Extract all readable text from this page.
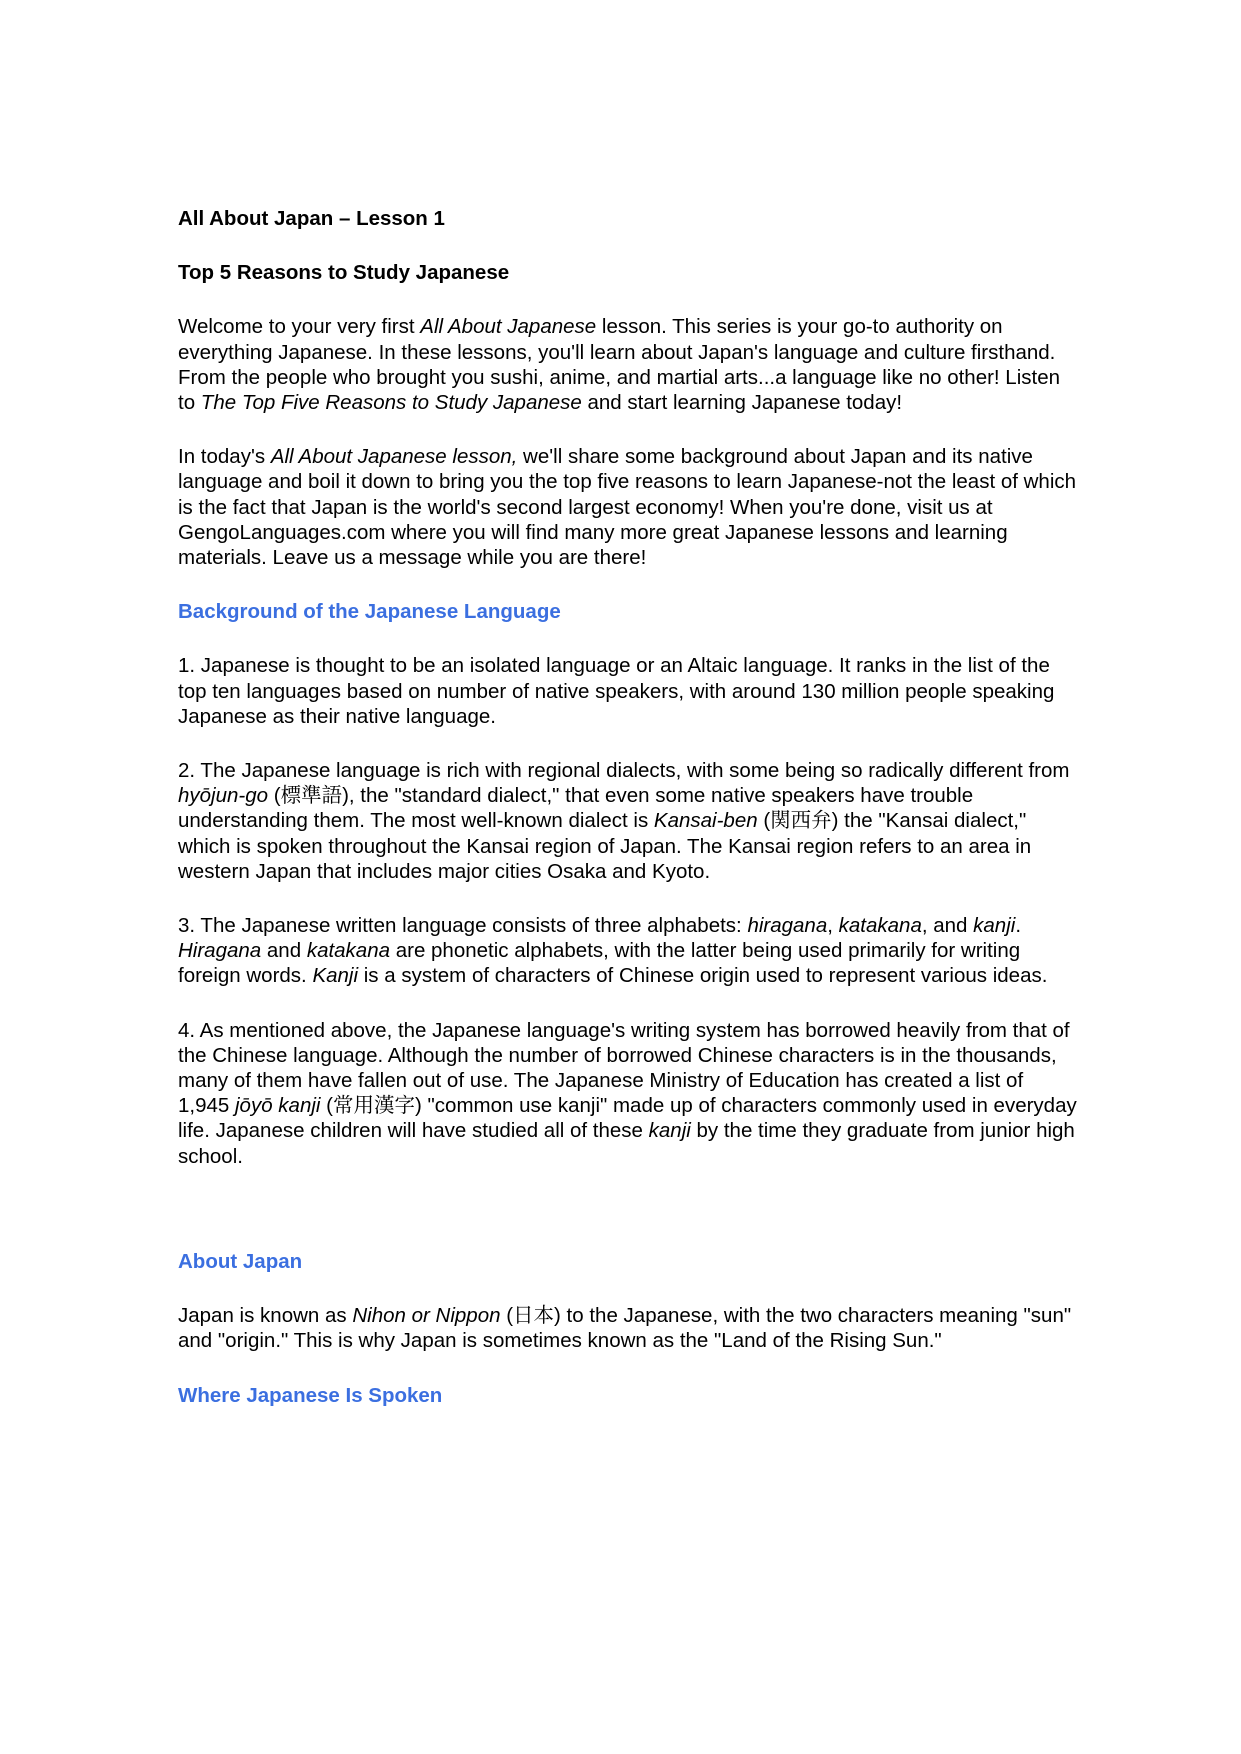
All About Japan – Lesson 1
Top 5 Reasons to Study Japanese

Welcome to your very first All About Japanese lesson. This series is your go-to authority on everything Japanese. In these lessons, you'll learn about Japan's language and culture firsthand. From the people who brought you sushi, anime, and martial arts...a language like no other! Listen to The Top Five Reasons to Study Japanese and start learning Japanese today!

In today's All About Japanese lesson, we'll share some background about Japan and its native language and boil it down to bring you the top five reasons to learn Japanese-not the least of which is the fact that Japan is the world's second largest economy! When you're done, visit us at GengoLanguages.com where you will find many more great Japanese lessons and learning materials. Leave us a message while you are there!

Background of the Japanese Language

1. Japanese is thought to be an isolated language or an Altaic language. It ranks in the list of the top ten languages based on number of native speakers, with around 130 million people speaking Japanese as their native language.

2. The Japanese language is rich with regional dialects, with some being so radically different from hyōjun-go (標準語), the "standard dialect," that even some native speakers have trouble understanding them. The most well-known dialect is Kansai-ben (関西弁) the "Kansai dialect," which is spoken throughout the Kansai region of Japan. The Kansai region refers to an area in western Japan that includes major cities Osaka and Kyoto.

3. The Japanese written language consists of three alphabets: hiragana, katakana, and kanji. Hiragana and katakana are phonetic alphabets, with the latter being used primarily for writing foreign words. Kanji is a system of characters of Chinese origin used to represent various ideas.

4. As mentioned above, the Japanese language's writing system has borrowed heavily from that of the Chinese language. Although the number of borrowed Chinese characters is in the thousands, many of them have fallen out of use. The Japanese Ministry of Education has created a list of 1,945 jōyō kanji (常用漢字) "common use kanji" made up of characters commonly used in everyday life. Japanese children will have studied all of these kanji by the time they graduate from junior high school.

About Japan

Japan is known as Nihon or Nippon (日本) to the Japanese, with the two characters meaning "sun" and "origin." This is why Japan is sometimes known as the "Land of the Rising Sun."

Where Japanese Is Spoken
